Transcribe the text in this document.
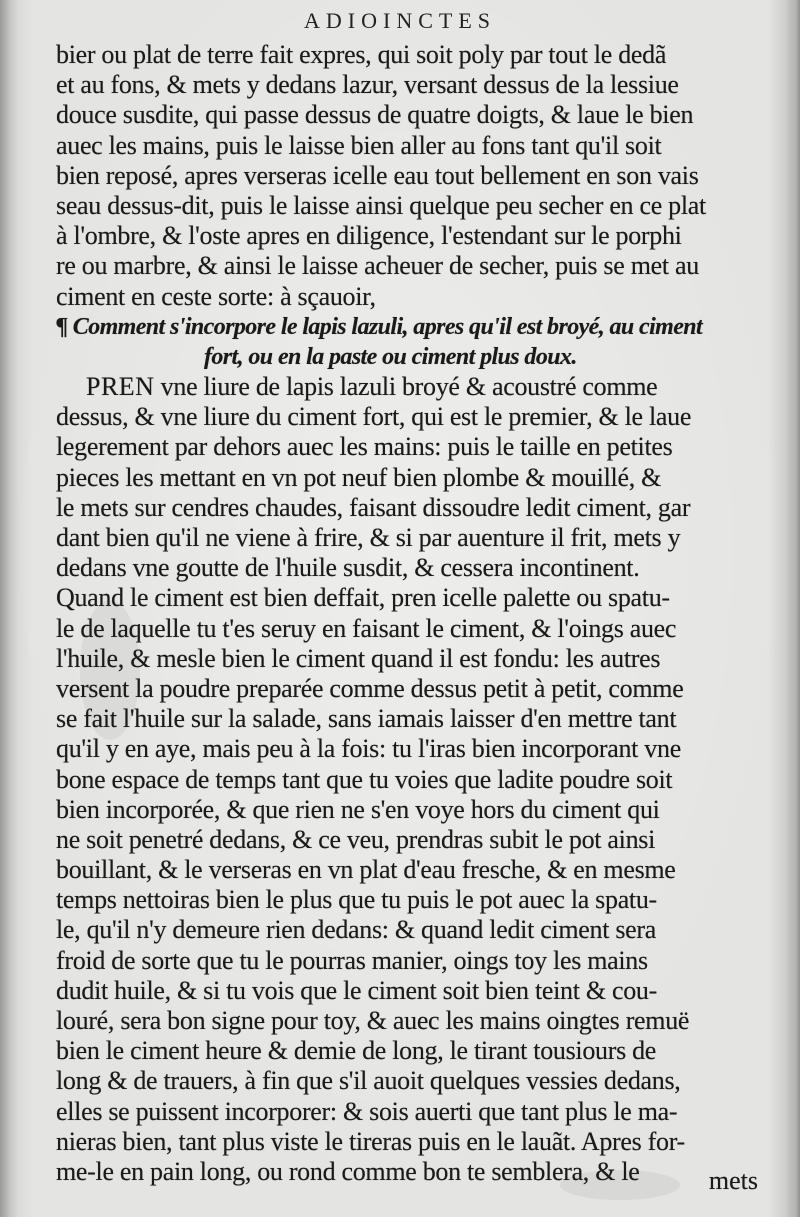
ADIOINCTES
bier ou plat de terre fait expres, qui soit poly par tout le dedã
et au fons, & mets y dedans lazur, versant dessus de la lessiue
douce susdite, qui passe dessus de quatre doigts, & laue le bien
auec les mains, puis le laisse bien aller au fons tant qu'il soit
bien reposé, apres verseras icelle eau tout bellement en son vais
seau dessus-dit, puis le laisse ainsi quelque peu secher en ce plat
à l'ombre, & l'oste apres en diligence, l'estendant sur le porphi
re ou marbre, & ainsi le laisse acheuer de secher, puis se met au
ciment en ceste sorte: à sçauoir,
¶ Comment s'incorpore le lapis lazuli, apres qu'il est broyé, au ciment
fort, ou en la paste ou ciment plus doux.
PREN vne liure de lapis lazuli broyé & acoustré comme
dessus, & vne liure du ciment fort, qui est le premier, & le laue
legerement par dehors auec les mains: puis le taille en petites
pieces les mettant en vn pot neuf bien plombe & mouillé, &
le mets sur cendres chaudes, faisant dissoudre ledit ciment, gar
dant bien qu'il ne viene à frire, & si par auenture il frit, mets y
dedans vne goutte de l'huile susdit, & cessera incontinent.
Quand le ciment est bien deffait, pren icelle palette ou spatu-
le de laquelle tu t'es seruy en faisant le ciment, & l'oings auec
l'huile, & mesle bien le ciment quand il est fondu: les autres
versent la poudre preparée comme dessus petit à petit, comme
se fait l'huile sur la salade, sans iamais laisser d'en mettre tant
qu'il y en aye, mais peu à la fois: tu l'iras bien incorporant vne
bone espace de temps tant que tu voies que ladite poudre soit
bien incorporée, & que rien ne s'en voye hors du ciment qui
ne soit penetré dedans, & ce veu, prendras subit le pot ainsi
bouillant, & le verseras en vn plat d'eau fresche, & en mesme
temps nettoiras bien le plus que tu puis le pot auec la spatu-
le, qu'il n'y demeure rien dedans: & quand ledit ciment sera
froid de sorte que tu le pourras manier, oings toy les mains
dudit huile, & si tu vois que le ciment soit bien teint & cou-
louré, sera bon signe pour toy, & auec les mains oingtes remuë
bien le ciment heure & demie de long, le tirant tousiours de
long & de trauers, à fin que s'il auoit quelques vessies dedans,
elles se puissent incorporer: & sois auerti que tant plus le ma-
nieras bien, tant plus viste le tireras puis en le lauãt. Apres for-
me-le en pain long, ou rond comme bon te semblera, & le	mets
